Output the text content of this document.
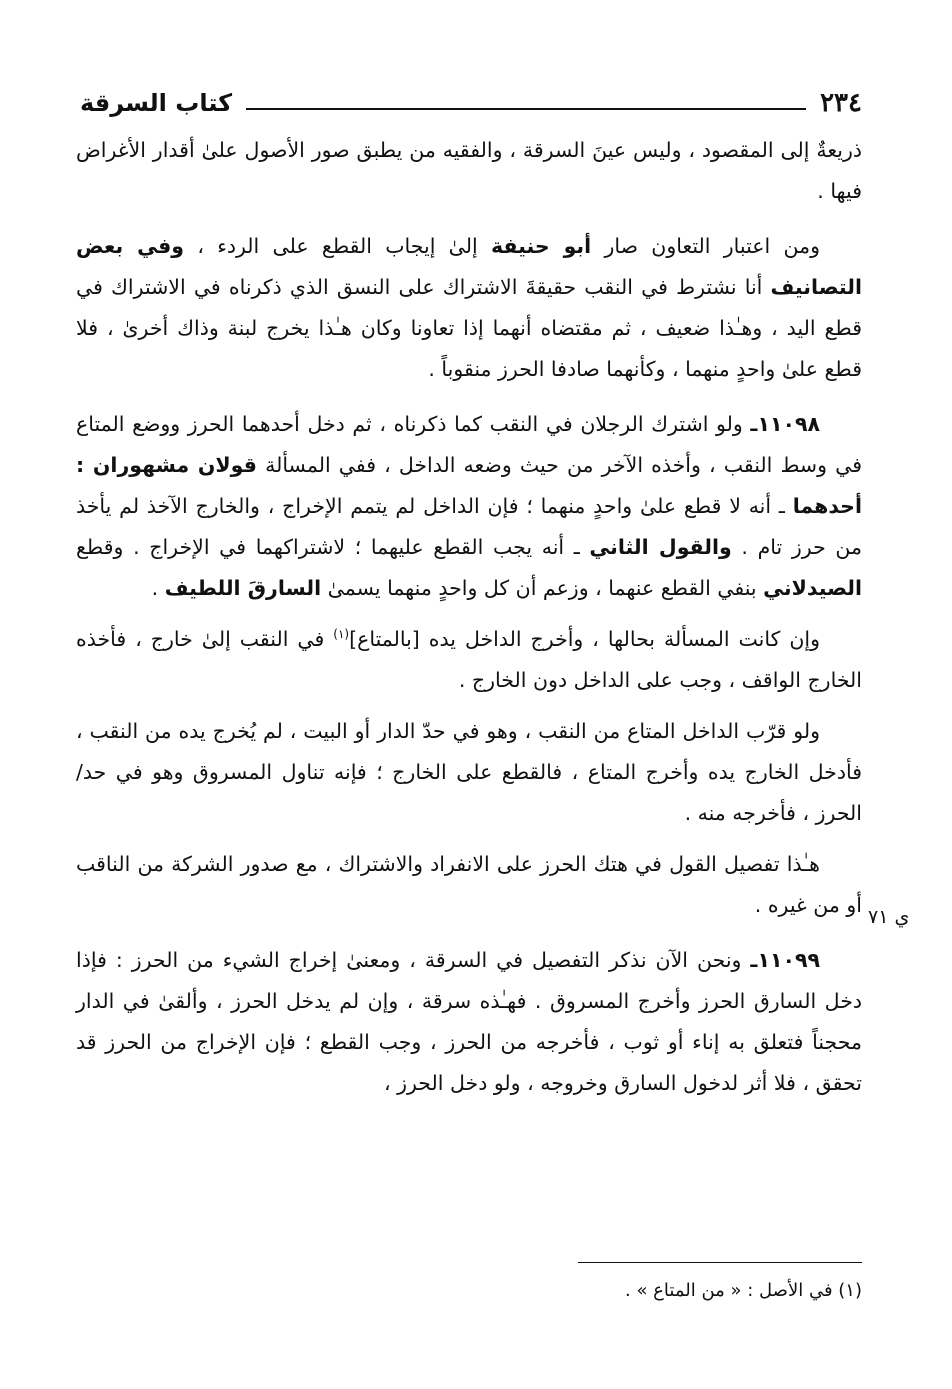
٢٣٤
كتاب السرقة

ذريعةٌ إلى المقصود ، وليس عينَ السرقة ، والفقيه من يطبق صور الأصول علىٰ أقدار الأغراض فيها .

ومن اعتبار التعاون صار أبو حنيفة إلىٰ إيجاب القطع على الردء ، وفي بعض التصانيف أنا نشترط في النقب حقيقةَ الاشتراك على النسق الذي ذكرناه في الاشتراك في قطع اليد ، وهـٰذا ضعيف ، ثم مقتضاه أنهما إذا تعاونا وكان هـٰذا يخرج لبنة وذاك أخرىٰ ، فلا قطع علىٰ واحدٍ منهما ، وكأنهما صادفا الحرز منقوباً .

١١٠٩٨ـ ولو اشترك الرجلان في النقب كما ذكرناه ، ثم دخل أحدهما الحرز ووضع المتاع في وسط النقب ، وأخذه الآخر من حيث وضعه الداخل ، ففي المسألة قولان مشهوران : أحدهما ـ أنه لا قطع علىٰ واحدٍ منهما ؛ فإن الداخل لم يتمم الإخراج ، والخارج الآخذ لم يأخذ من حرز تام . والقول الثاني ـ أنه يجب القطع عليهما ؛ لاشتراكهما في الإخراج . وقطع الصيدلاني بنفي القطع عنهما ، وزعم أن كل واحدٍ منهما يسمىٰ السارقَ اللطيف .

وإن كانت المسألة بحالها ، وأخرج الداخل يده [بالمتاع]$^{(١)}$ في النقب إلىٰ خارج ، فأخذه الخارج الواقف ، وجب على الداخل دون الخارج .

ولو قرّب الداخل المتاع من النقب ، وهو في حدّ الدار أو البيت ، لم يُخرج يده من النقب ، فأدخل الخارج يده وأخرج المتاع ، فالقطع على الخارج ؛ فإنه تناول المسروق وهو في حد/ الحرز ، فأخرجه منه .

هـٰذا تفصيل القول في هتك الحرز على الانفراد والاشتراك ، مع صدور الشركة من الناقب أو من غيره .

١١٠٩٩ـ ونحن الآن نذكر التفصيل في السرقة ، ومعنىٰ إخراج الشيء من الحرز : فإذا دخل السارق الحرز وأخرج المسروق . فهـٰذه سرقة ، وإن لم يدخل الحرز ، وألقىٰ في الدار محجناً فتعلق به إناء أو ثوب ، فأخرجه من الحرز ، وجب القطع ؛ فإن الإخراج من الحرز قد تحقق ، فلا أثر لدخول السارق وخروجه ، ولو دخل الحرز ،

ي ٧١
(١) في الأصل : « من المتاع » .
